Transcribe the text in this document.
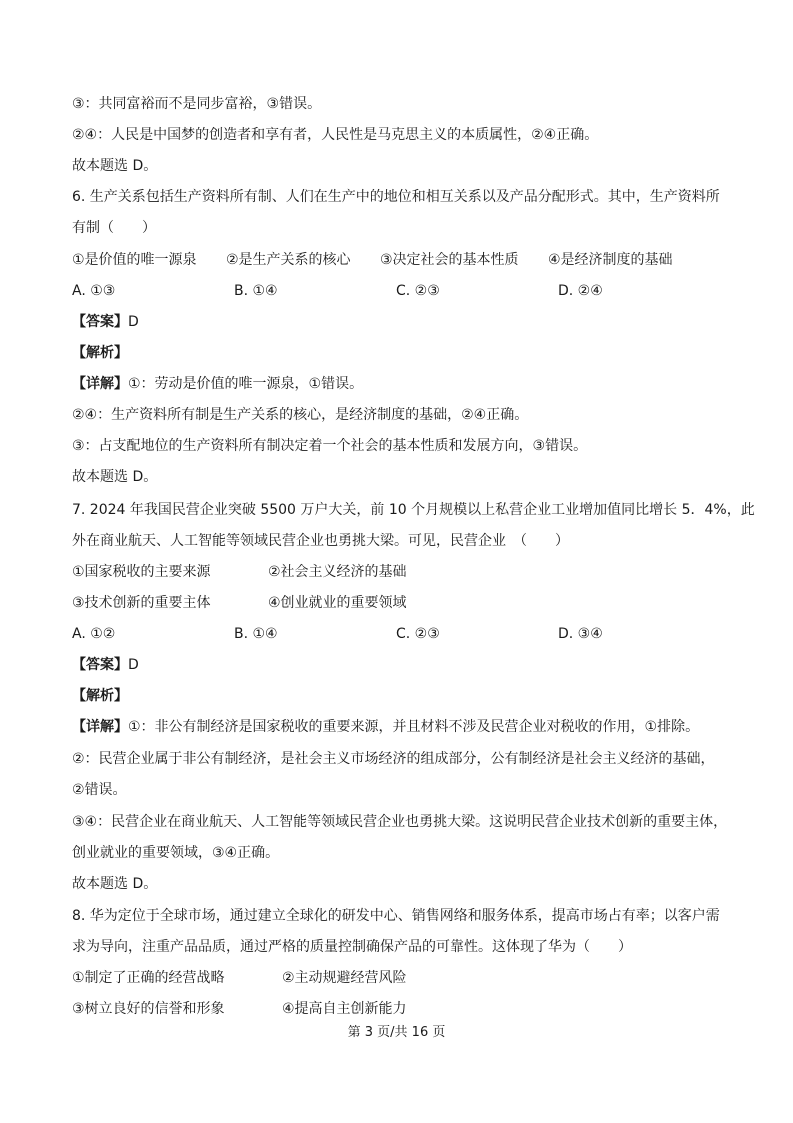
③：共同富裕而不是同步富裕，③错误。
②④：人民是中国梦的创造者和享有者，人民性是马克思主义的本质属性，②④正确。
故本题选 D。
6. 生产关系包括生产资料所有制、人们在生产中的地位和相互关系以及产品分配形式。其中，生产资料所
有制（　　）
①是价值的唯一源泉 ②是生产关系的核心 ③决定社会的基本性质 ④是经济制度的基础
A. ①③	B. ①④	C. ②③	D. ②④
【答案】D
【解析】
【详解】①：劳动是价值的唯一源泉，①错误。
②④：生产资料所有制是生产关系的核心，是经济制度的基础，②④正确。
③：占支配地位的生产资料所有制决定着一个社会的基本性质和发展方向，③错误。
故本题选 D。
7. 2024 年我国民营企业突破 5500 万户大关，前 10 个月规模以上私营企业工业增加值同比增长 5．4%，此
外在商业航天、人工智能等领域民营企业也勇挑大梁。可见，民营企业　（　　）
①国家税收的主要来源	②社会主义经济的基础
③技术创新的重要主体	④创业就业的重要领域
A. ①②	B. ①④	C. ②③	D. ③④
【答案】D
【解析】
【详解】①：非公有制经济是国家税收的重要来源，并且材料不涉及民营企业对税收的作用，①排除。
②：民营企业属于非公有制经济，是社会主义市场经济的组成部分，公有制经济是社会主义经济的基础，
②错误。
③④：民营企业在商业航天、人工智能等领域民营企业也勇挑大梁。这说明民营企业技术创新的重要主体，
创业就业的重要领域，③④正确。
故本题选 D。
8. 华为定位于全球市场，通过建立全球化的研发中心、销售网络和服务体系，提高市场占有率；以客户需
求为导向，注重产品品质，通过严格的质量控制确保产品的可靠性。这体现了华为（　　）
①制定了正确的经营战略	②主动规避经营风险
③树立良好的信誉和形象	④提高自主创新能力
第 3 页/共 16 页
